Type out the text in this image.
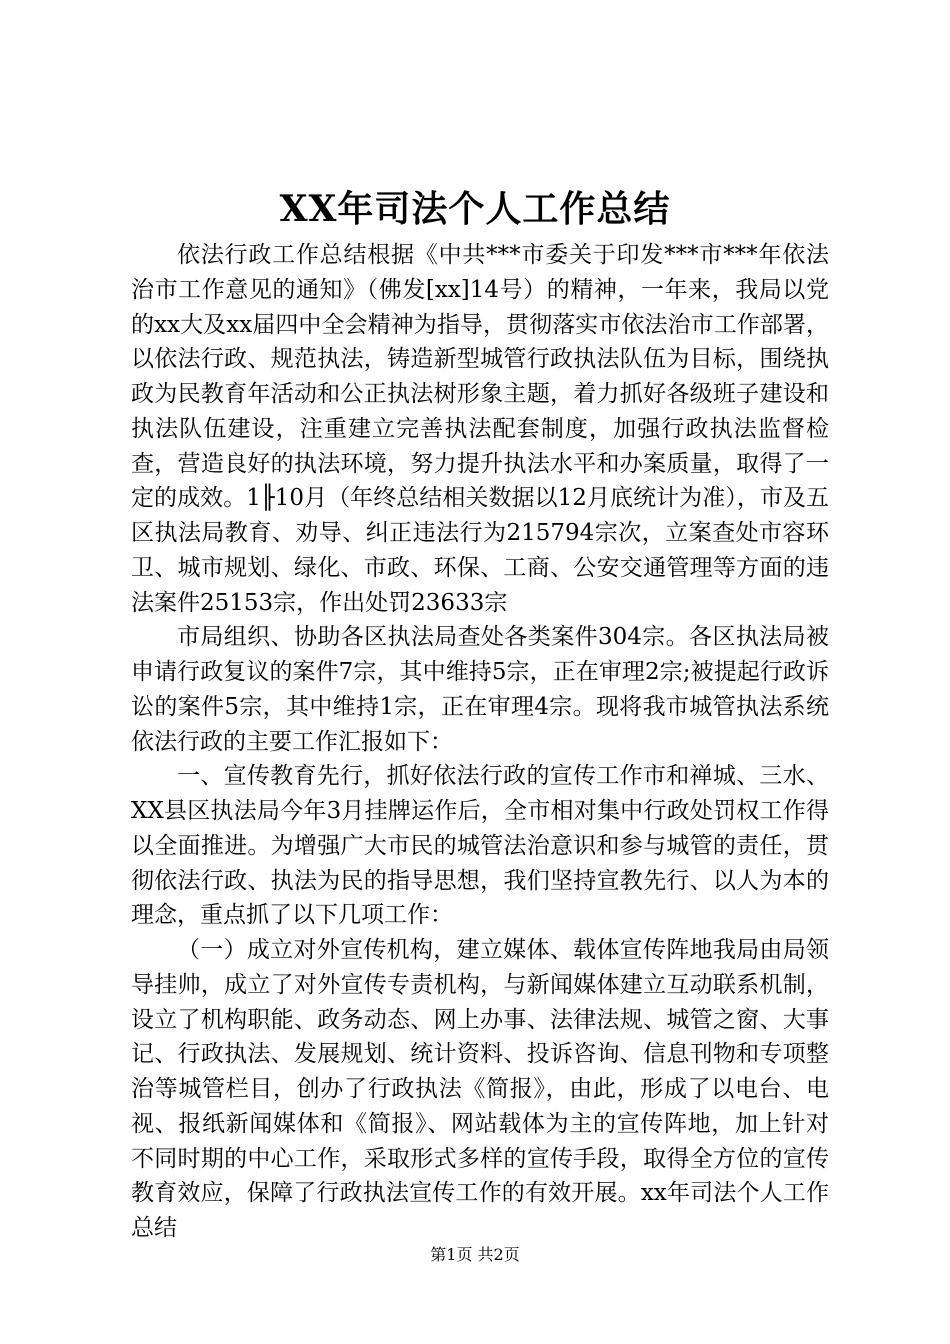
XX年司法个人工作总结

依法行政工作总结根据《中共***市委关于印发***市***年依法治市工作意见的通知》（佛发[xx]14号）的精神，一年来，我局以党的xx大及xx届四中全会精神为指导，贯彻落实市依法治市工作部署，以依法行政、规范执法，铸造新型城管行政执法队伍为目标，围绕执政为民教育年活动和公正执法树形象主题，着力抓好各级班子建设和执法队伍建设，注重建立完善执法配套制度，加强行政执法监督检查，营造良好的执法环境，努力提升执法水平和办案质量，取得了一定的成效。1╟10月（年终总结相关数据以12月底统计为准），市及五区执法局教育、劝导、纠正违法行为215794宗次，立案查处市容环卫、城市规划、绿化、市政、环保、工商、公安交通管理等方面的违法案件25153宗，作出处罚23633宗

市局组织、协助各区执法局查处各类案件304宗。各区执法局被申请行政复议的案件7宗，其中维持5宗，正在审理2宗;被提起行政诉讼的案件5宗，其中维持1宗，正在审理4宗。现将我市城管执法系统依法行政的主要工作汇报如下：

一、宣传教育先行，抓好依法行政的宣传工作市和禅城、三水、XX县区执法局今年3月挂牌运作后，全市相对集中行政处罚权工作得以全面推进。为增强广大市民的城管法治意识和参与城管的责任，贯彻依法行政、执法为民的指导思想，我们坚持宣教先行、以人为本的理念，重点抓了以下几项工作：

（一）成立对外宣传机构，建立媒体、载体宣传阵地我局由局领导挂帅，成立了对外宣传专责机构，与新闻媒体建立互动联系机制，设立了机构职能、政务动态、网上办事、法律法规、城管之窗、大事记、行政执法、发展规划、统计资料、投诉咨询、信息刊物和专项整治等城管栏目，创办了行政执法《简报》，由此，形成了以电台、电视、报纸新闻媒体和《简报》、网站载体为主的宣传阵地，加上针对不同时期的中心工作，采取形式多样的宣传手段，取得全方位的宣传教育效应，保障了行政执法宣传工作的有效开展。xx年司法个人工作总结

第1页 共2页
